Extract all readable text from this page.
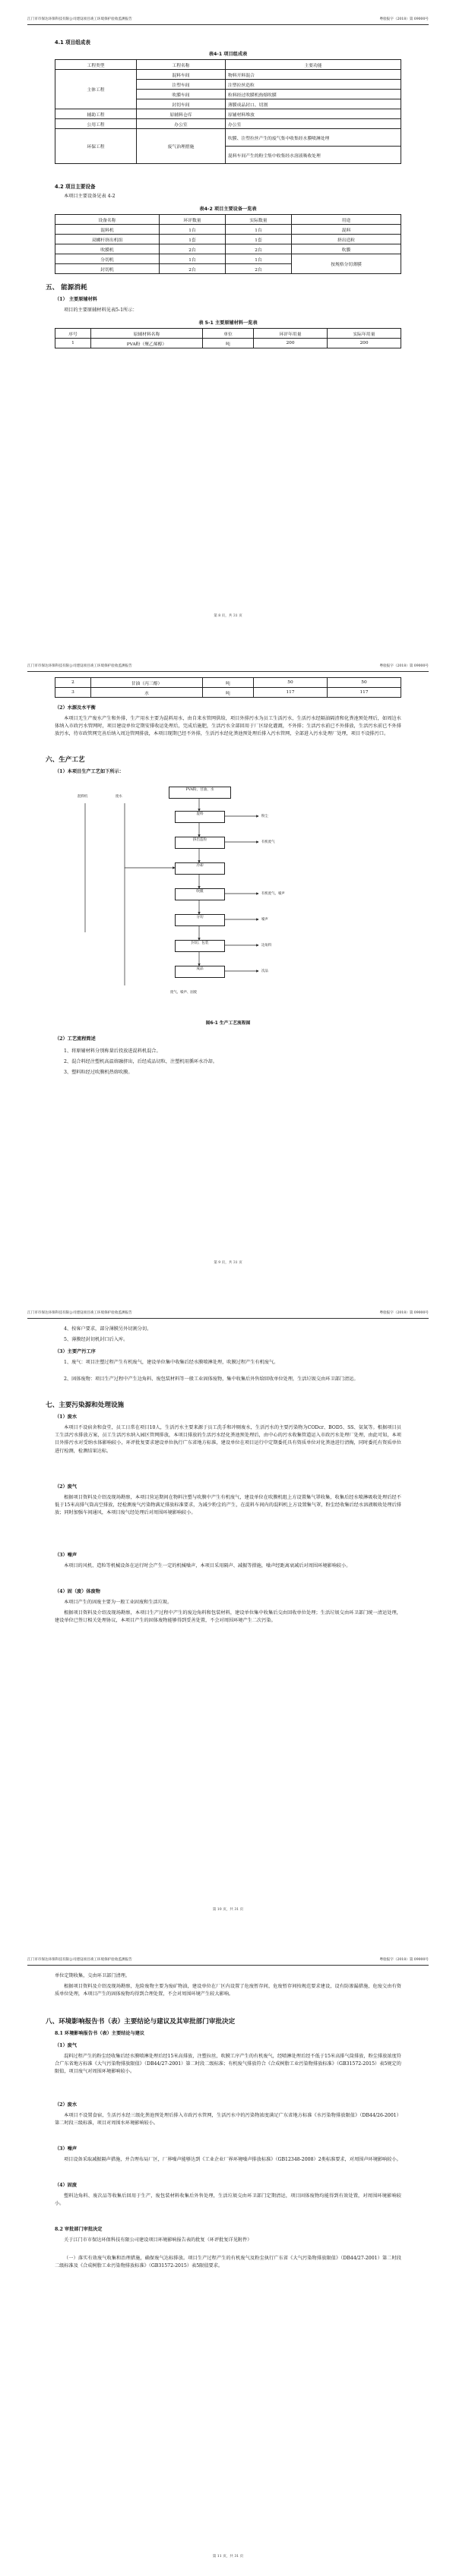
江门市市保达环保科技有限公司建设项目竣工环境保护验收监测报告	粤验报字（2018）第 09000号
4.1 项目组成表
表4-1 项目组成表
工程类型	工程名称	主要功能
主体工程	混料车间	物料开料混合
	注塑车间	注塑拉丝造粒
	吹膜车间	粒料经过吹膜机热熔吹膜
	封切车间	薄膜成品封口、切割
辅助工程	原辅料仓库	原辅材料堆放
公用工程	办公室	办公室
环保工程	废气治理措施	吹膜、注塑拉丝产生的废气集中收集经水膜喷淋处理
		混料车间产生的粉尘集中收集经水溶液吸收处理
4.2 项目主要设备
本项目主要设备见表 4-2
表4-2 项目主要设备一览表
设备名称	环评数量	实际数量	用途
混料机	1台	1台	混料
双螺杆挤出机组	1套	1套	挤出造粒
吹膜机	2台	2台	吹膜
分切机	1台	1台	按规格分切薄膜
封切机	2台	2台	
五、 能源消耗
（1） 主要原辅材料
项目的主要原辅材料见表5-1所示：
表 5-1 主要原辅材料一览表
序号	原辅材料名称	单位	环评年用量	实际年用量
1	PVA粉（聚乙烯醇）	吨	200	200
第 8 页，共 31 页
江门市市保达环保科技有限公司建设项目竣工环境保护验收监测报告	粤验报字（2018）第 09000号
2	甘油（丙三醇）	吨	50	50
3	水	吨	117	117
（2）水源及水平衡
本项目无生产废水产生和外排，生产用水主要为混料用水，由自来水管网供给，项目外排污水为员工生活污水，生活污水经隔油隔渣和化粪池预处理后，如周边水体纳入市政污水管网时，项目建设单位定期安排收运处理后，完成后施肥，生活污水全部回用于厂区绿化灌溉，不外排；生活污水前已不外排放，生活污水前已不外排放污水，待市政管网完善后纳入周边管网排放，本项目现期已经不外排，生活污水经化粪池预处理后排入污水管网，全部进入污水处理厂处理，项目不设排污口。
六、生产工艺
（1）本项目生产工艺如下所示：
PVA粉、甘油、水
混料
挤出造粒
冷却
吹膜
分切
封切、包装
成品
混料机	废水
粉尘
有机废气
有机废气、噪声
噪声
边角料
次品
废气、噪声、固废
图6-1 生产工艺流程图
（2）工艺流程简述
1、将原辅材料分别称量后投放进混料机混合。
2、混合料经注塑机高温熔融挤出，后经成品切粒，注塑机用循环水冷却。
3、塑料粒经过吹膜机热熔吹膜。
第 9 页，共 31 页
江门市市保达环保科技有限公司建设项目竣工环境保护验收监测报告	粤验报字（2018）第 09000号
4、按客户要求，部分薄膜另外切割分切。
5、薄膜经封切机封口后入库。
（3）主要产污工序
1、废气：项目注塑过程产生有机废气，建设单位集中收集后经水膜喷淋处理，吹膜过程产生有机废气。
2、固体废物：项目生产过程中产生边角料、废包装材料等一般工业固体废物，集中收集后外售给回收单位处理，生活垃圾交由环卫部门清运。
七、主要污染源和处理设施
（1）废水
本项目不设宿舍和食堂，员工日常在项目10人，生活污水主要来源于员工洗手和冲厕废水，生活污水的主要污染物为CODcr、BOD5、SS、氨氮等。根据项目员工生活污水排放方案，员工生活污水纳入园区管网排放，本项目排放的生活污水经化粪池预处理后，由中心的污水收集管道运入市政污水处理厂处理，由此可知，本项目外排污水对受纳水体影响较小，环评批复要求建设单位执行广东省地方标准，建设单位在项目运行中定期委托具有资质单位对化粪池进行清掏，同时委托有资质单位进行检测，检测结果达标。
（2）废气
根据项目资料及介绍及现场勘察，本项目营运期间在物料注塑与吹膜中产生有机废气，建设单位在吹膜机组上方设置集气罩收集，收集后经水喷淋吸收处理后经不低于15米高排气筒高空排放，经检测废气污染物满足排放标准要求，为减少粉尘的产生，在混料车间内的混料机上方设置集气罩，粉尘经收集后经水溶液吸收处理后排放；同时加强车间通风，本项目废气经处理后对周围环境影响较小。
（3）噪声
本项目的风机、造粒等机械设备在运行时会产生一定的机械噪声，本项目采用隔声、减振等措施，噪声经距离衰减后对周围环境影响较小。
（4）固（废）体废物
本项目产生的固废主要为一般工业固废和生活垃圾。
根据项目资料及介绍及现场勘察，本项目生产过程中产生的废边角料和包装材料，建设单位集中收集后交由回收单位处理；生活垃圾交由环卫部门统一清运处理，建设单位已签订相关处理协议，本项目产生的固体废物能够得到妥善处置，不会对周围环境产生二次污染。
第 10 页，共 31 页
江门市市保达环保科技有限公司建设项目竣工环境保护验收监测报告	粤验报字（2018）第 09000号
单位定期收集，交由环卫部门清理。
根据项目资料及介绍及现场勘察，危险废物主要为废矿物油，建设单位在厂区内设置了危废暂存间，危废暂存间按规范要求建设，设有防渗漏措施，危废交由有资质单位处理，本项目产生的固体废物均得到合理处置，不会对周围环境产生较大影响。
八、环境影响报告书（表）主要结论与建议及其审批部门审批决定
8.1 环境影响报告书（表）主要结论与建议
（1）废气
混料过程产生的粉尘经收集后经水膜喷淋处理后经15米高排放，注塑拉丝，吹膜工序产生的有机废气，经喷淋处理后经不低于15米高排气筒排放，粉尘排放浓度符合广东省地方标准《大气污染物排放限值》（DB44/27-2001）第二时段二级标准；有机废气排放符合《合成树脂工业污染物排放标准》（GB31572-2015）表5规定的限值，项目废气对周围环境影响较小。
（2）废水
本项目不设置食宿，生活污水经三级化粪池预处理后排入市政污水管网，生活污水中的污染物浓度满足广东省地方标准《水污染物排放限值》（DB44/26-2001）第二时段三级标准，项目对周围水环境影响较小。
（3）噪声
项目设备采取减振隔声措施，并合理布局厂区，厂界噪声能够达到《工业企业厂界环境噪声排放标准》（GB12348-2008）2类标准要求，对周围声环境影响较小。
（4）固废
塑料边角料、废次品等收集后回用于生产，废包装材料收集后外售处理，生活垃圾交由环卫部门定期清运，项目固体废物均能得到有效处置，对周围环境影响较小。
8.2 审批部门审批决定
关于江门市市保达环保科技有限公司建设项目环境影响报告表的批复（环评批复详见附件）
（一）落实有效废气收集和治理措施，确保废气达标排放。项目生产过程产生的有机废气及粉尘执行广东省《大气污染物排放限值》（DB44/27-2001）第二时段二级标准及《合成树脂工业污染物排放标准》（GB31572-2015）表5限值要求。
第 11 页，共 31 页
